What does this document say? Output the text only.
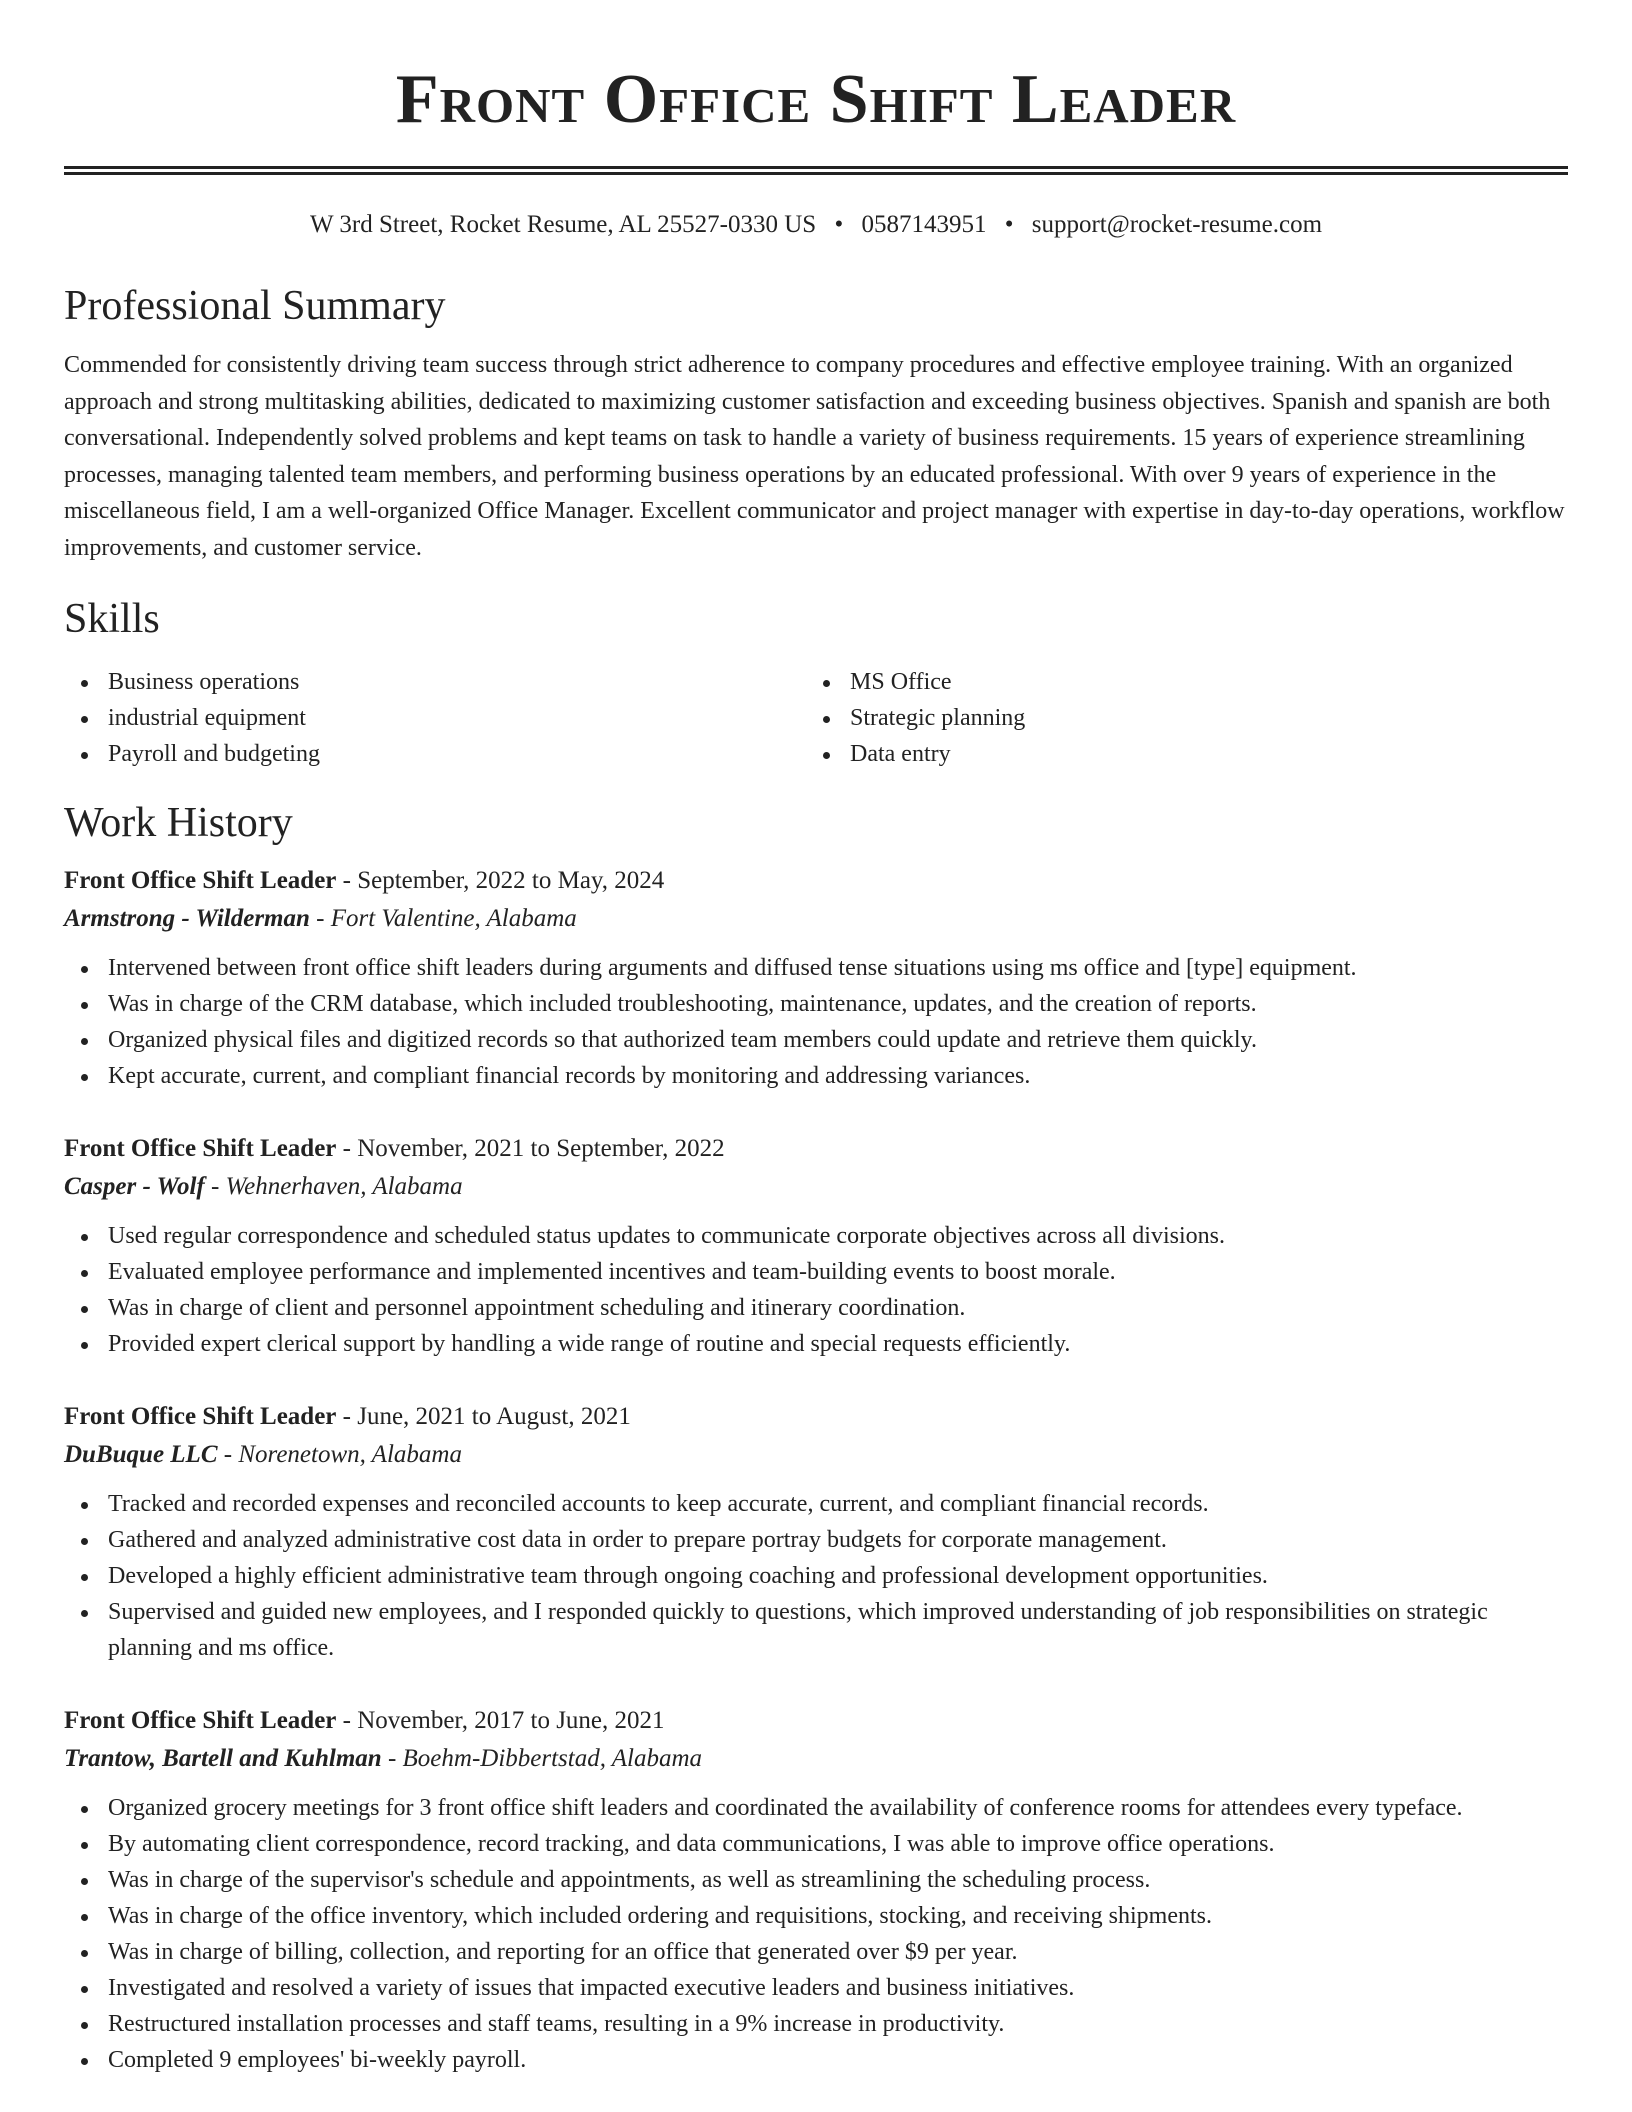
Front Office Shift Leader
W 3rd Street, Rocket Resume, AL 25527-0330 US • 0587143951 • support@rocket-resume.com
Professional Summary

Commended for consistently driving team success through strict adherence to company procedures and effective employee training. With an organized approach and strong multitasking abilities, dedicated to maximizing customer satisfaction and exceeding business objectives. Spanish and spanish are both conversational. Independently solved problems and kept teams on task to handle a variety of business requirements. 15 years of experience streamlining processes, managing talented team members, and performing business operations by an educated professional. With over 9 years of experience in the miscellaneous field, I am a well-organized Office Manager. Excellent communicator and project manager with expertise in day-to-day operations, workflow improvements, and customer service.

Skills
Business operations
industrial equipment
Payroll and budgeting
MS Office
Strategic planning
Data entry
Work History
Front Office Shift Leader - September, 2022 to May, 2024
Armstrong - Wilderman - Fort Valentine, Alabama
Intervened between front office shift leaders during arguments and diffused tense situations using ms office and [type] equipment.
Was in charge of the CRM database, which included troubleshooting, maintenance, updates, and the creation of reports.
Organized physical files and digitized records so that authorized team members could update and retrieve them quickly.
Kept accurate, current, and compliant financial records by monitoring and addressing variances.
Front Office Shift Leader - November, 2021 to September, 2022
Casper - Wolf - Wehnerhaven, Alabama
Used regular correspondence and scheduled status updates to communicate corporate objectives across all divisions.
Evaluated employee performance and implemented incentives and team-building events to boost morale.
Was in charge of client and personnel appointment scheduling and itinerary coordination.
Provided expert clerical support by handling a wide range of routine and special requests efficiently.
Front Office Shift Leader - June, 2021 to August, 2021
DuBuque LLC - Norenetown, Alabama
Tracked and recorded expenses and reconciled accounts to keep accurate, current, and compliant financial records.
Gathered and analyzed administrative cost data in order to prepare portray budgets for corporate management.
Developed a highly efficient administrative team through ongoing coaching and professional development opportunities.
Supervised and guided new employees, and I responded quickly to questions, which improved understanding of job responsibilities on strategic planning and ms office.
Front Office Shift Leader - November, 2017 to June, 2021
Trantow, Bartell and Kuhlman - Boehm-Dibbertstad, Alabama
Organized grocery meetings for 3 front office shift leaders and coordinated the availability of conference rooms for attendees every typeface.
By automating client correspondence, record tracking, and data communications, I was able to improve office operations.
Was in charge of the supervisor's schedule and appointments, as well as streamlining the scheduling process.
Was in charge of the office inventory, which included ordering and requisitions, stocking, and receiving shipments.
Was in charge of billing, collection, and reporting for an office that generated over $9 per year.
Investigated and resolved a variety of issues that impacted executive leaders and business initiatives.
Restructured installation processes and staff teams, resulting in a 9% increase in productivity.
Completed 9 employees' bi-weekly payroll.
